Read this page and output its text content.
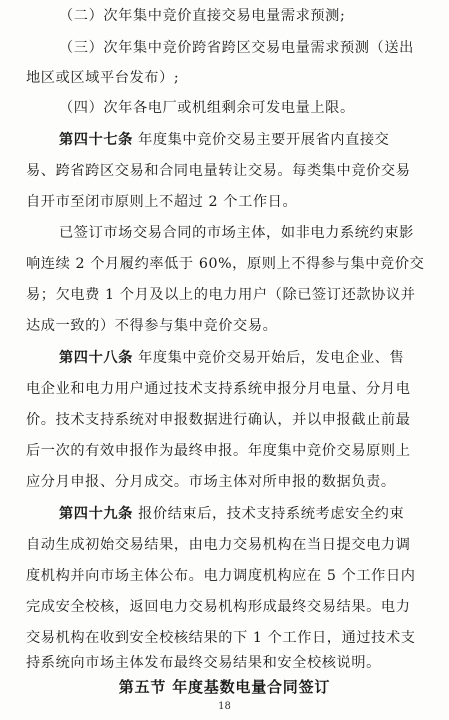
（二）次年集中竞价直接交易电量需求预测;
（三）次年集中竞价跨省跨区交易电量需求预测（送出
地区或区域平台发布）;
（四）次年各电厂或机组剩余可发电量上限。
第四十七条 年度集中竞价交易主要开展省内直接交
易、跨省跨区交易和合同电量转让交易。每类集中竞价交易
自开市至闭市原则上不超过 2 个工作日。
已签订市场交易合同的市场主体，如非电力系统约束影
响连续 2 个月履约率低于 60%，原则上不得参与集中竞价交
易；欠电费 1 个月及以上的电力用户（除已签订还款协议并
达成一致的）不得参与集中竞价交易。
第四十八条 年度集中竞价交易开始后，发电企业、售
电企业和电力用户通过技术支持系统申报分月电量、分月电
价。技术支持系统对申报数据进行确认，并以申报截止前最
后一次的有效申报作为最终申报。年度集中竞价交易原则上
应分月申报、分月成交。市场主体对所申报的数据负责。
第四十九条 报价结束后，技术支持系统考虑安全约束
自动生成初始交易结果，由电力交易机构在当日提交电力调
度机构并向市场主体公布。电力调度机构应在 5 个工作日内
完成安全校核，返回电力交易机构形成最终交易结果。电力
交易机构在收到安全校核结果的下 1 个工作日，通过技术支
持系统向市场主体发布最终交易结果和安全校核说明。
第五节 年度基数电量合同签订
18
